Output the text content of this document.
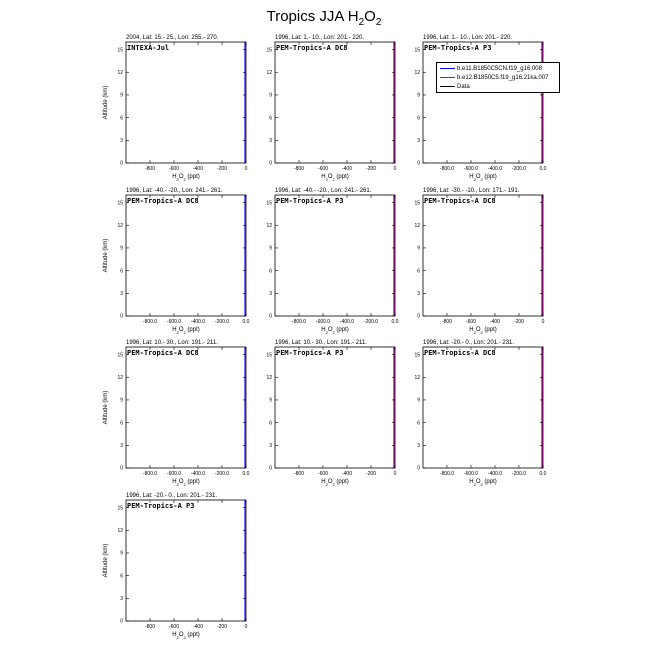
Tropics JJA $H_2O_2$
2004, Lat: 15.- 25., Lon: 255.- 270.
INTEXA-Jul
0
3
6
9
12
15
-800	-600	-400	-200	0
$H_2O_2$ (ppt)
Altitude (km)
1996, Lat: 1.- 10., Lon: 201.- 220.
PEM-Tropics-A DC8
0
3
6
9
12
15
-800	-600	-400	-200	0
$H_2O_2$ (ppt)
1996, Lat: 1.- 10., Lon: 201.- 220.
PEM-Tropics-A P3
0
3
6
9
12
15
-800.0 -600.0 -400.0 -200.0	0.0
$H_2O_2$ (ppt)
1996, Lat: -40.- -20., Lon: 241.- 261.
PEM-Tropics-A DC8
0
3
6
9
12
15
-800.0 -600.0 -400.0 -200.0	0.0
$H_2O_2$ (ppt)
Altitude (km)
1996, Lat: -40.- -20., Lon: 241.- 261.
PEM-Tropics-A P3
0
3
6
9
12
15
-800.0 -600.0 -400.0 -200.0	0.0
$H_2O_2$ (ppt)
1996, Lat: -30.- -10., Lon: 171.- 191.
PEM-Tropics-A DC8
0
3
6
9
12
15
-800	-600	-400	-200	0
$H_2O_2$ (ppt)
1996, Lat: 10.- 30., Lon: 191.- 211.
PEM-Tropics-A DC8
0
3
6
9
12
15
-800.0 -600.0 -400.0 -200.0	0.0
$H_2O_2$ (ppt)
Altitude (km)
1996, Lat: 10.- 30., Lon: 191.- 211.
PEM-Tropics-A P3
0
3
6
9
12
15
-800	-600	-400	-200	0
$H_2O_2$ (ppt)
1996, Lat: -20.- 0., Lon: 201.- 231.
PEM-Tropics-A DC8
0
3
6
9
12
15
-800.0 -600.0 -400.0 -200.0	0.0
$H_2O_2$ (ppt)
1996, Lat: -20.- 0., Lon: 201.- 231.
PEM-Tropics-A P3
0
3
6
9
12
15
-800	-600	-400	-200	0
$H_2O_2$ (ppt)
Altitude (km)
b.e11.B1850C5CN.f19_g16.008
b.e12.B1850C5.f19_g16.21ka.007
Data
